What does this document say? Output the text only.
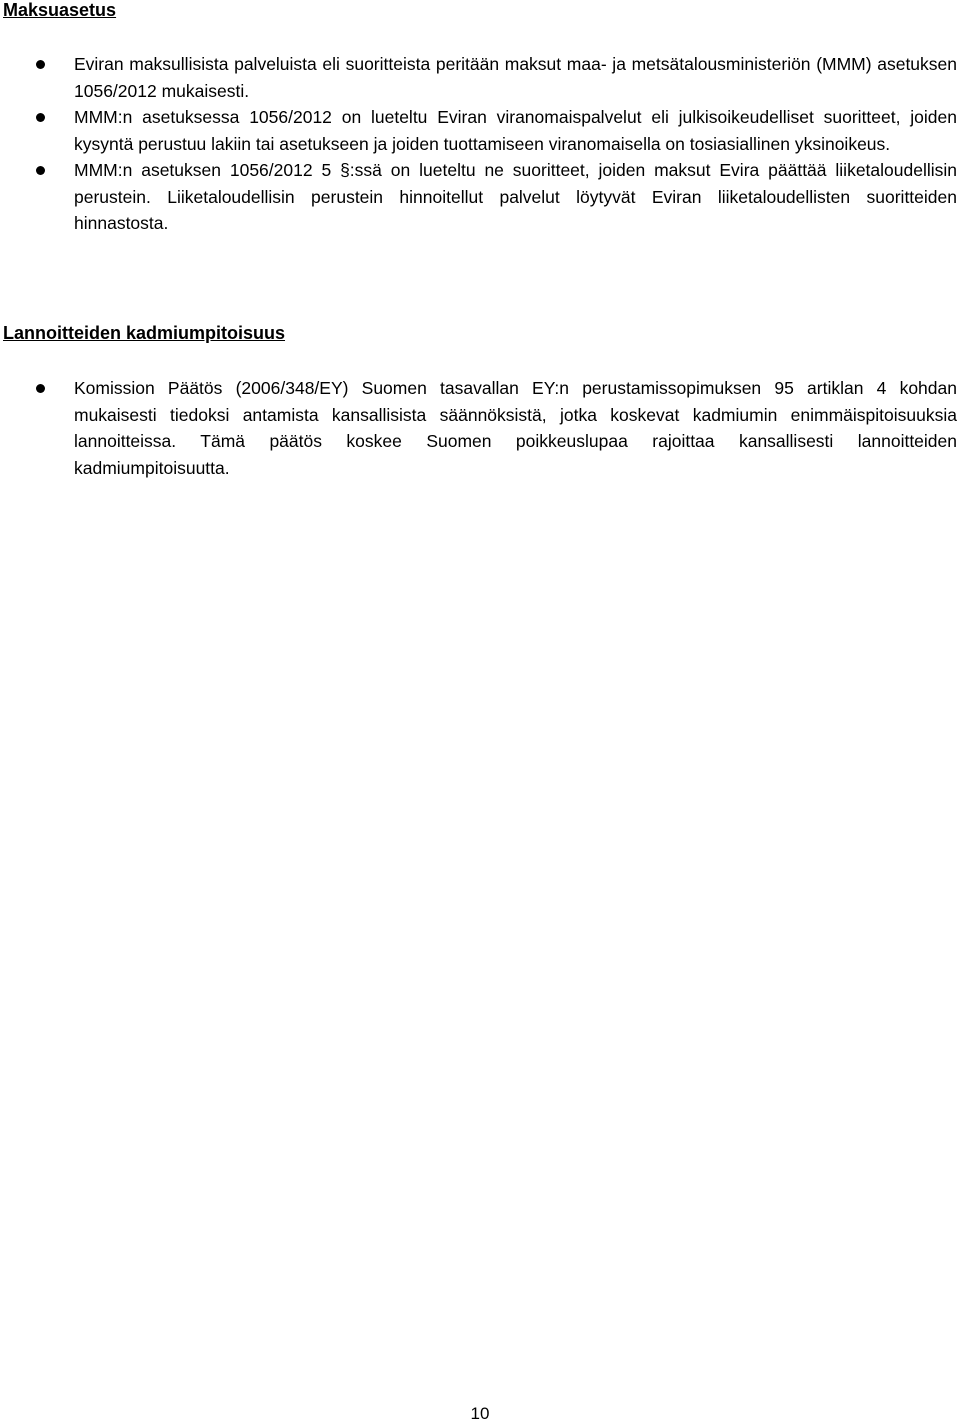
Maksuasetus
Eviran maksullisista palveluista eli suoritteista peritään maksut maa- ja metsätalousministeriön (MMM) asetuksen 1056/2012 mukaisesti.
MMM:n asetuksessa 1056/2012 on lueteltu Eviran viranomaispalvelut eli julkisoikeudelliset suoritteet, joiden kysyntä perustuu lakiin tai asetukseen ja joiden tuottamiseen viranomaisella on tosiasiallinen yksinoikeus.
MMM:n asetuksen 1056/2012 5 §:ssä on lueteltu ne suoritteet, joiden maksut Evira päättää liiketaloudellisin perustein. Liiketaloudellisin perustein hinnoitellut palvelut löytyvät Eviran liiketaloudellisten suoritteiden hinnastosta.
Lannoitteiden kadmiumpitoisuus
Komission Päätös (2006/348/EY) Suomen tasavallan EY:n perustamissopimuksen 95 artiklan 4 kohdan mukaisesti tiedoksi antamista kansallisista säännöksistä, jotka koskevat kadmiumin enimmäispitoisuuksia lannoitteissa. Tämä päätös koskee Suomen poikkeuslupaa rajoittaa kansallisesti lannoitteiden kadmiumpitoisuutta.
10
